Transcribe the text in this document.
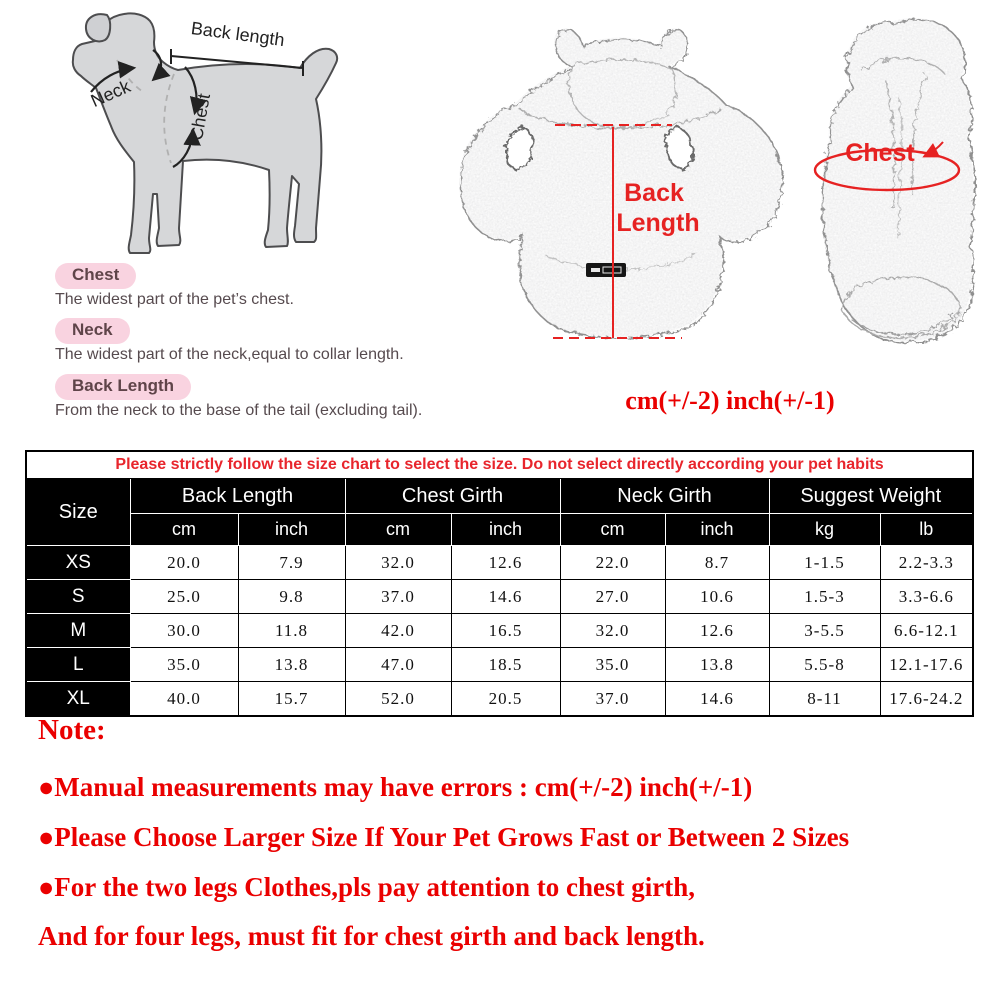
Back length
Neck	Chest
Back
Length
Chest
Chest
The widest part of the pet’s chest.
Neck
The widest part of the neck,equal to collar length.
Back Length
From the neck to the base of the tail (excluding tail).	cm(+/-2) inch(+/-1)
Please strictly follow the size chart to select the size. Do not select directly according your pet habits								
Size	Back Length		Chest Girth		Neck Girth		Suggest Weight	
	cm	inch	cm	inch	cm	inch	kg	lb
XS	20.0	7.9	32.0	12.6	22.0	8.7	1-1.5	2.2-3.3
S	25.0	9.8	37.0	14.6	27.0	10.6	1.5-3	3.3-6.6
M	30.0	11.8	42.0	16.5	32.0	12.6	3-5.5	6.6-12.1
L	35.0	13.8	47.0	18.5	35.0	13.8	5.5-8	12.1-17.6
XL	40.0	15.7	52.0	20.5	37.0	14.6	8-11	17.6-24.2
Note:
●Manual measurements may have errors : cm(+/-2) inch(+/-1)
●Please Choose Larger Size If Your Pet Grows Fast or Between 2 Sizes
●For the two legs Clothes,pls pay attention to chest girth,
And for four legs, must fit for chest girth and back length.
